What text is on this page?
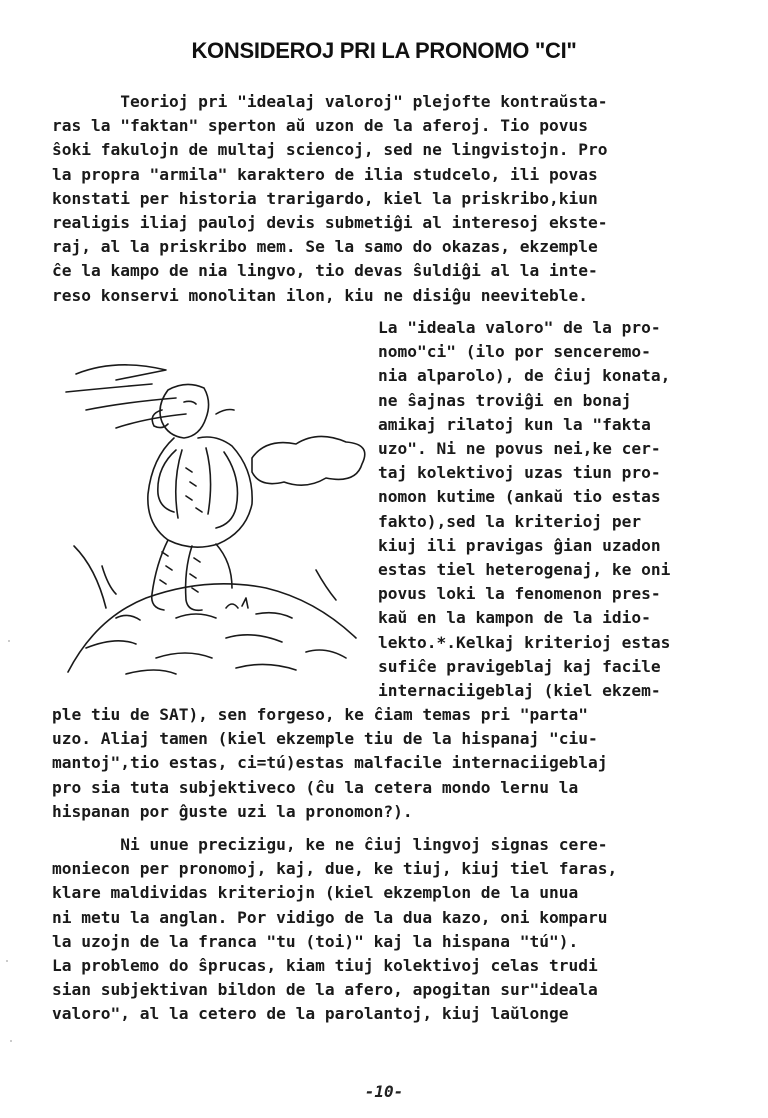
KONSIDEROJ PRI LA PRONOMO "CI"
Teorioj pri "idealaj valoroj" plejofte kontraŭsta-
ras la "faktan" sperton aŭ uzon de la aferoj. Tio povus
ŝoki fakulojn de multaj sciencoj, sed ne lingvistojn. Pro
la propra "armila" karaktero de ilia studcelo, ili povas
konstati per historia trarigardo, kiel la priskribo,kiun
realigis iliaj pauloj devis submetiĝi al interesoj ekste-
raj, al la priskribo mem. Se la samo do okazas, ekzemple
ĉe la kampo de nia lingvo, tio devas ŝuldiĝi al la inte-
reso konservi monolitan ilon, kiu ne disiĝu neeviteble.
La "ideala valoro" de la pro-
nomo"ci" (ilo por senceremo-
nia alparolo), de ĉiuj konata,
ne ŝajnas troviĝi en bonaj
amikaj rilatoj kun la "fakta
uzo". Ni ne povus nei,ke cer-
taj kolektivoj uzas tiun pro-
nomon kutime (ankaŭ tio estas
fakto),sed la kriterioj per
kiuj ili pravigas ĝian uzadon
estas tiel heterogenaj, ke oni
povus loki la fenomenon pres-
kaŭ en la kampon de la idio-
lekto.*.Kelkaj kriterioj estas
sufiĉe pravigeblaj kaj facile
internaciigeblaj (kiel ekzem-
ple tiu de SAT), sen forgeso, ke ĉiam temas pri "parta"
uzo. Aliaj tamen (kiel ekzemple tiu de la hispanaj "ciu-
mantoj",tio estas, ci=tú)estas malfacile internaciigeblaj
pro sia tuta subjektiveco (ĉu la cetera mondo lernu la
hispanan por ĝuste uzi la pronomon?).
Ni unue precizigu, ke ne ĉiuj lingvoj signas cere-
moniecon per pronomoj, kaj, due, ke tiuj, kiuj tiel faras,
klare maldividas kriteriojn (kiel ekzemplon de la unua
ni metu la anglan. Por vidigo de la dua kazo, oni komparu
la uzojn de la franca "tu (toi)" kaj la hispana "tú").
La problemo do ŝprucas, kiam tiuj kolektivoj celas trudi
sian subjektivan bildon de la afero, apogitan sur"ideala
valoro", al la cetero de la parolantoj, kiuj laŭlonge
-10-
